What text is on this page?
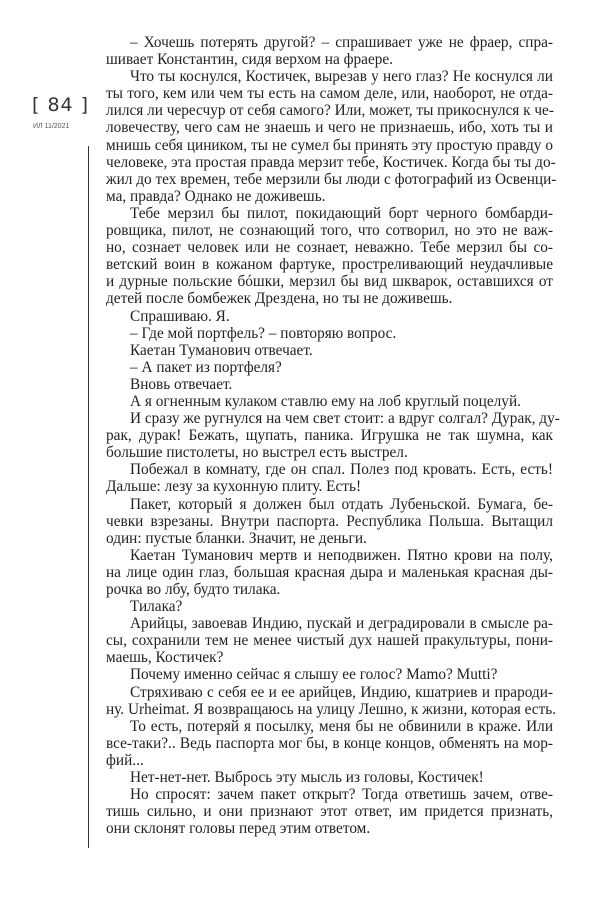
[ 84 ]
ИЛ 11/2021
– Хочешь потерять другой? – спрашивает уже не фраер, спра-
шивает Константин, сидя верхом на фраере.
Что ты коснулся, Костичек, вырезав у него глаз? Не коснулся ли
ты того, кем или чем ты есть на самом деле, или, наоборот, не отда-
лился ли чересчур от себя самого? Или, может, ты прикоснулся к че-
ловечеству, чего сам не знаешь и чего не признаешь, ибо, хоть ты и
мнишь себя циником, ты не сумел бы принять эту простую правду о
человеке, эта простая правда мерзит тебе, Костичек. Когда бы ты до-
жил до тех времен, тебе мерзили бы люди с фотографий из Освенци-
ма, правда? Однако не доживешь.
Тебе мерзил бы пилот, покидающий борт черного бомбарди-
ровщика, пилот, не сознающий того, что сотворил, но это не важ-
но, сознает человек или не сознает, неважно. Тебе мерзил бы со-
ветский воин в кожаном фартуке, простреливающий неудачливые
и дурные польские бóшки, мерзил бы вид шкварок, оставшихся от
детей после бомбежек Дрездена, но ты не доживешь.
Спрашиваю. Я.
– Где мой портфель? – повторяю вопрос.
Каетан Туманович отвечает.
– А пакет из портфеля?
Вновь отвечает.
А я огненным кулаком ставлю ему на лоб круглый поцелуй.
И сразу же ругнулся на чем свет стоит: а вдруг солгал? Дурак, ду-
рак, дурак! Бежать, щупать, паника. Игрушка не так шумна, как
большие пистолеты, но выстрел есть выстрел.
Побежал в комнату, где он спал. Полез под кровать. Есть, есть!
Дальше: лезу за кухонную плиту. Есть!
Пакет, который я должен был отдать Лубеньской. Бумага, бе-
чевки взрезаны. Внутри паспорта. Республика Польша. Вытащил
один: пустые бланки. Значит, не деньги.
Каетан Туманович мертв и неподвижен. Пятно крови на полу,
на лице один глаз, большая красная дыра и маленькая красная ды-
рочка во лбу, будто тилака.
Тилака?
Арийцы, завоевав Индию, пускай и деградировали в смысле ра-
сы, сохранили тем не менее чистый дух нашей пракультуры, пони-
маешь, Костичек?
Почему именно сейчас я слышу ее голос? Mamo? Mutti?
Стряхиваю с себя ее и ее арийцев, Индию, кшатриев и прароди-
ну. Urheimat. Я возвращаюсь на улицу Лешно, к жизни, которая есть.
То есть, потеряй я посылку, меня бы не обвинили в краже. Или
все-таки?.. Ведь паспорта мог бы, в конце концов, обменять на мор-
фий...
Нет-нет-нет. Выбрось эту мысль из головы, Костичек!
Но спросят: зачем пакет открыт? Тогда ответишь зачем, отве-
тишь сильно, и они признают этот ответ, им придется признать,
они склонят головы перед этим ответом.
